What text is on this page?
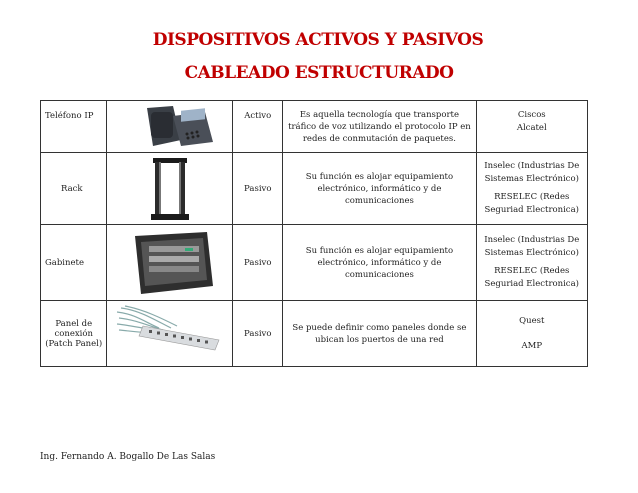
DISPOSITIVOS ACTIVOS Y PASIVOS
CABLEADO ESTRUCTURADO
Teléfono IP		Activo	Es aquella tecnología que transporte tráfico de voz utilizando el protocolo IP en redes de conmutación de paquetes.	Ciscos
Alcatel

Rack		Pasivo	Su función es alojar equipamiento electrónico, informático y de comunicaciones	Inselec (Industrias De Sistemas Electrónico)
RESELEC (Redes Seguriad Electronica)

Gabinete		Pasivo	Su función es alojar equipamiento electrónico, informático y de comunicaciones	Inselec (Industrias De Sistemas Electrónico)
RESELEC (Redes Seguriad Electronica)

Panel de conexión (Patch Panel)		Pasivo	Se puede definir como paneles donde se ubican los puertos de una red	Quest
AMP
Ing. Fernando A. Bogallo De Las Salas
